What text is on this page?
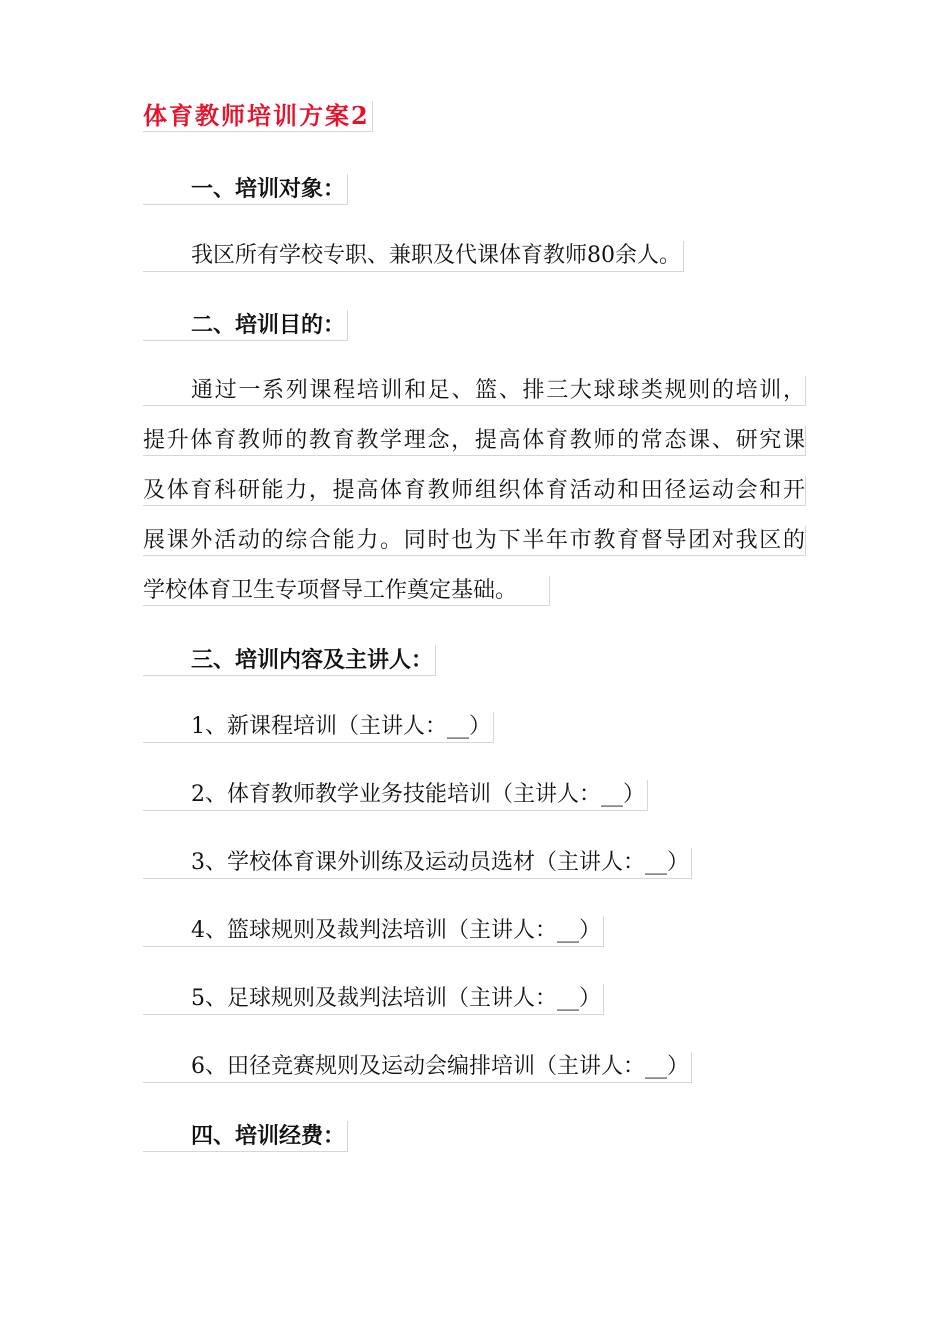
体育教师培训方案2
一、培训对象：
我区所有学校专职、兼职及代课体育教师80余人。
二、培训目的：
通过一系列课程培训和足、篮、排三大球球类规则的培训，
提升体育教师的教育教学理念，提高体育教师的常态课、研究课
及体育科研能力，提高体育教师组织体育活动和田径运动会和开
展课外活动的综合能力。同时也为下半年市教育督导团对我区的
学校体育卫生专项督导工作奠定基础。
三、培训内容及主讲人：
1、新课程培训（主讲人：__）
2、体育教师教学业务技能培训（主讲人：__）
3、学校体育课外训练及运动员选材（主讲人：__）
4、篮球规则及裁判法培训（主讲人：__）
5、足球规则及裁判法培训（主讲人：__）
6、田径竞赛规则及运动会编排培训（主讲人：__）
四、培训经费：
